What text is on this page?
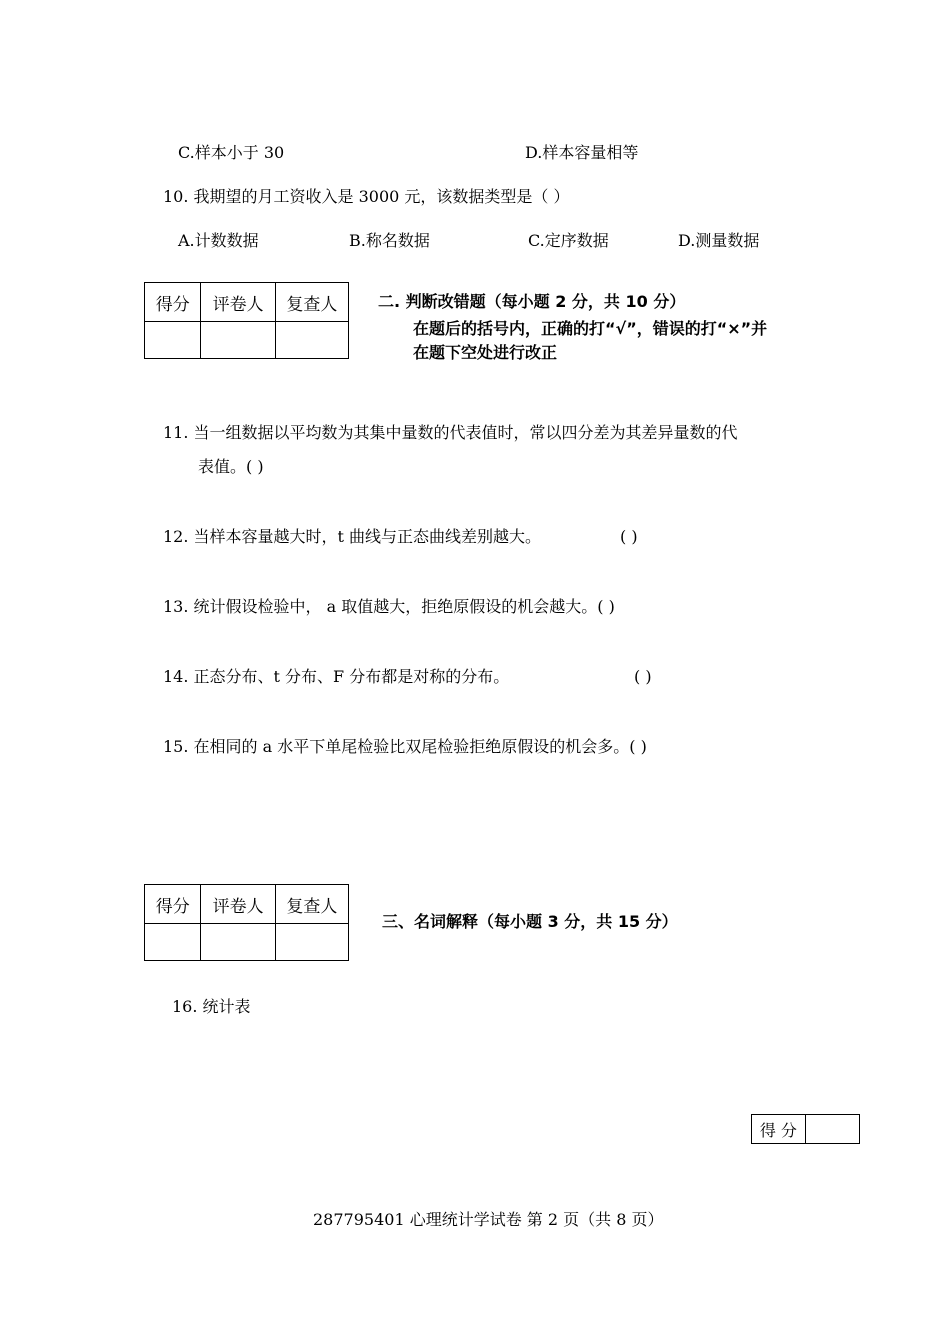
C.样本小于 30	D.样本容量相等
10. 我期望的月工资收入是 3000 元，该数据类型是（ ）
A.计数数据	B.称名数据	C.定序数据	D.测量数据
得分	评卷人	复查人
			二. 判断改错题（每小题 2 分，共 10 分）
在题后的括号内，正确的打“√”，错误的打“×”并
在题下空处进行改正
11. 当一组数据以平均数为其集中量数的代表值时，常以四分差为其差异量数的代
表值。( )
12. 当样本容量越大时，t 曲线与正态曲线差别越大。	( )
13. 统计假设检验中， a 取值越大，拒绝原假设的机会越大。( )
14. 正态分布、t 分布、F 分布都是对称的分布。	( )
15. 在相同的 a 水平下单尾检验比双尾检验拒绝原假设的机会多。( )
得分	评卷人	复查人

三、名词解释（每小题 3 分，共 15 分）
16. 统计表
得 分	
287795401 心理统计学试卷 第 2 页（共 8 页）
